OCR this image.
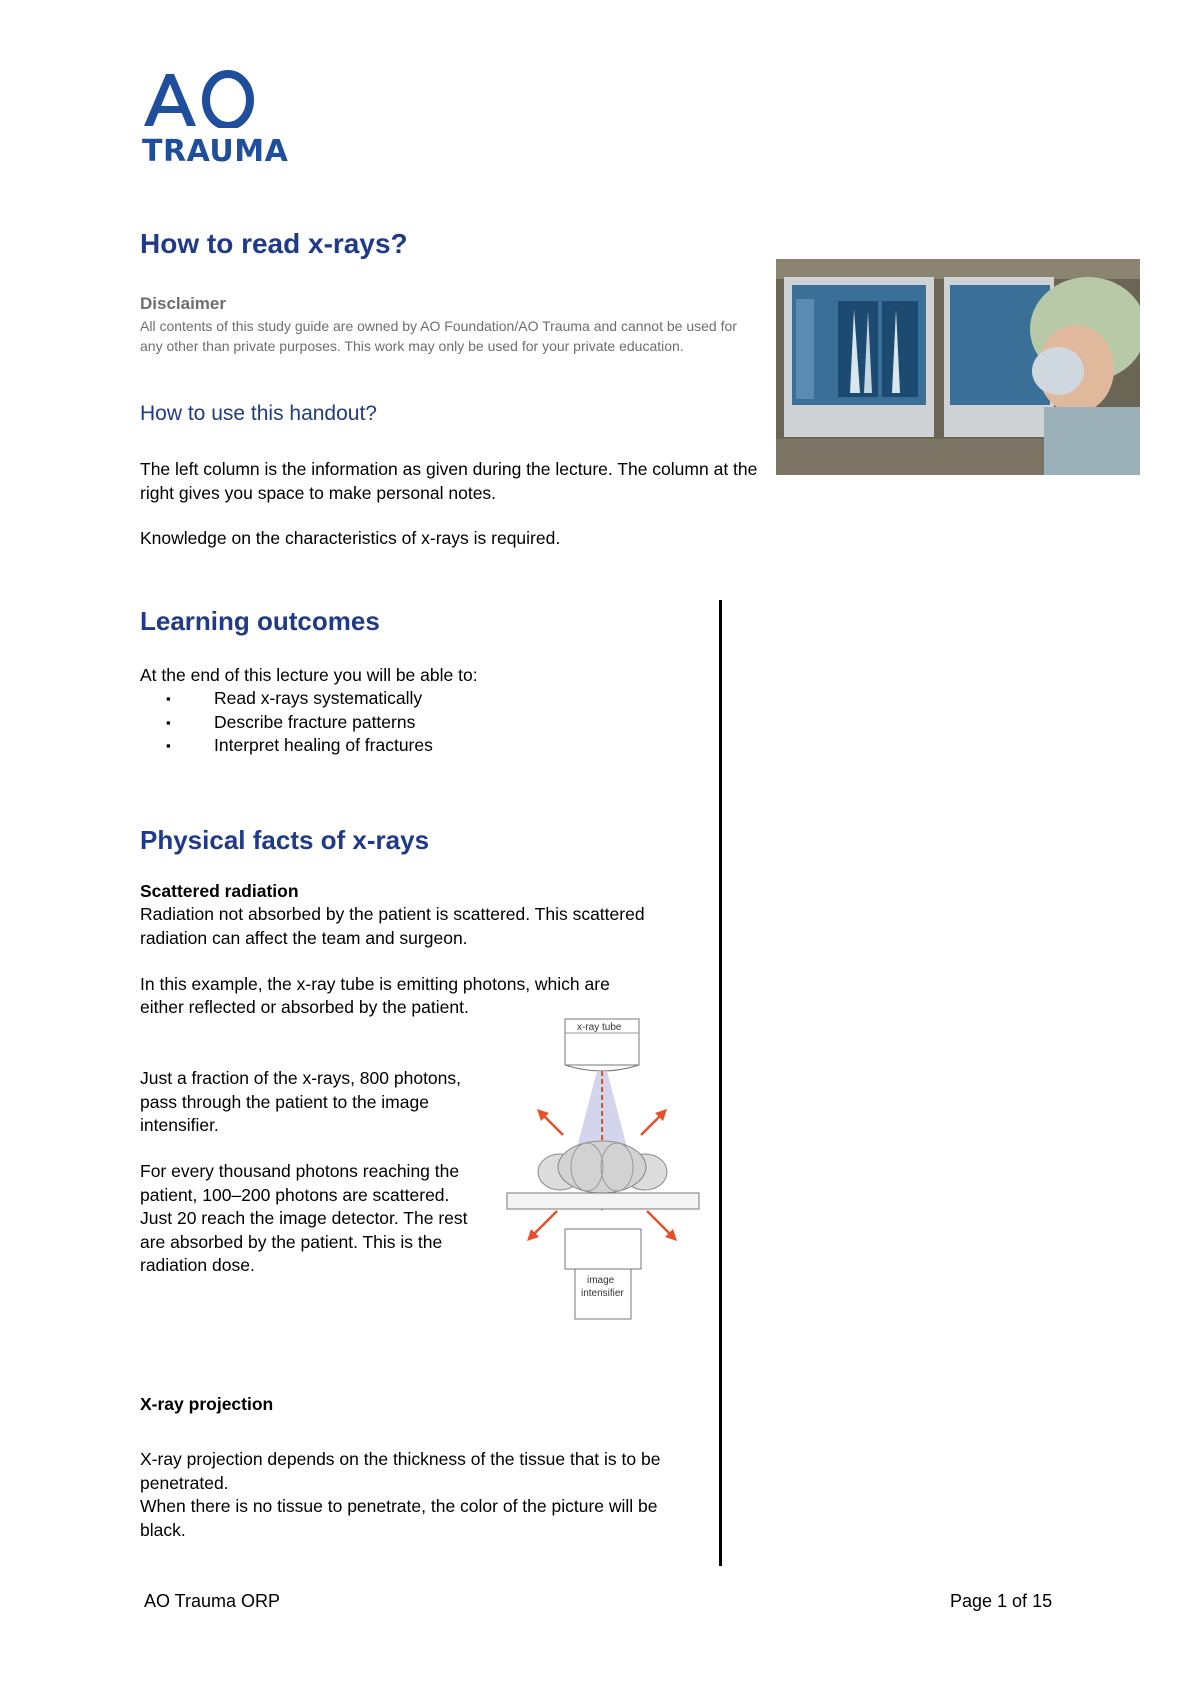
TRAUMA
How to read x-rays?
Disclaimer
All contents of this study guide are owned by AO Foundation/AO Trauma and cannot be used for any other than private purposes. This work may only be used for your private education.
How to use this handout?
The left column is the information as given during the lecture. The column at the right gives you space to make personal notes.
Knowledge on the characteristics of x-rays is required.
Learning outcomes
At the end of this lecture you will be able to:
▪ Read x-rays systematically
▪ Describe fracture patterns
▪ Interpret healing of fractures
Physical facts of x-rays
Scattered radiation
Radiation not absorbed by the patient is scattered. This scattered radiation can affect the team and surgeon.
In this example, the x-ray tube is emitting photons, which are
either reflected or absorbed by the patient.
Just a fraction of the x-rays, 800 photons, pass through the patient to the image intensifier.
For every thousand photons reaching the patient, 100–200 photons are scattered. Just 20 reach the image detector. The rest are absorbed by the patient. This is the radiation dose.
x-ray tube
image
intensifier
X-ray projection
X-ray projection depends on the thickness of the tissue that is to be penetrated.
When there is no tissue to penetrate, the color of the picture will be black.
AO Trauma ORP	Page 1 of 15
